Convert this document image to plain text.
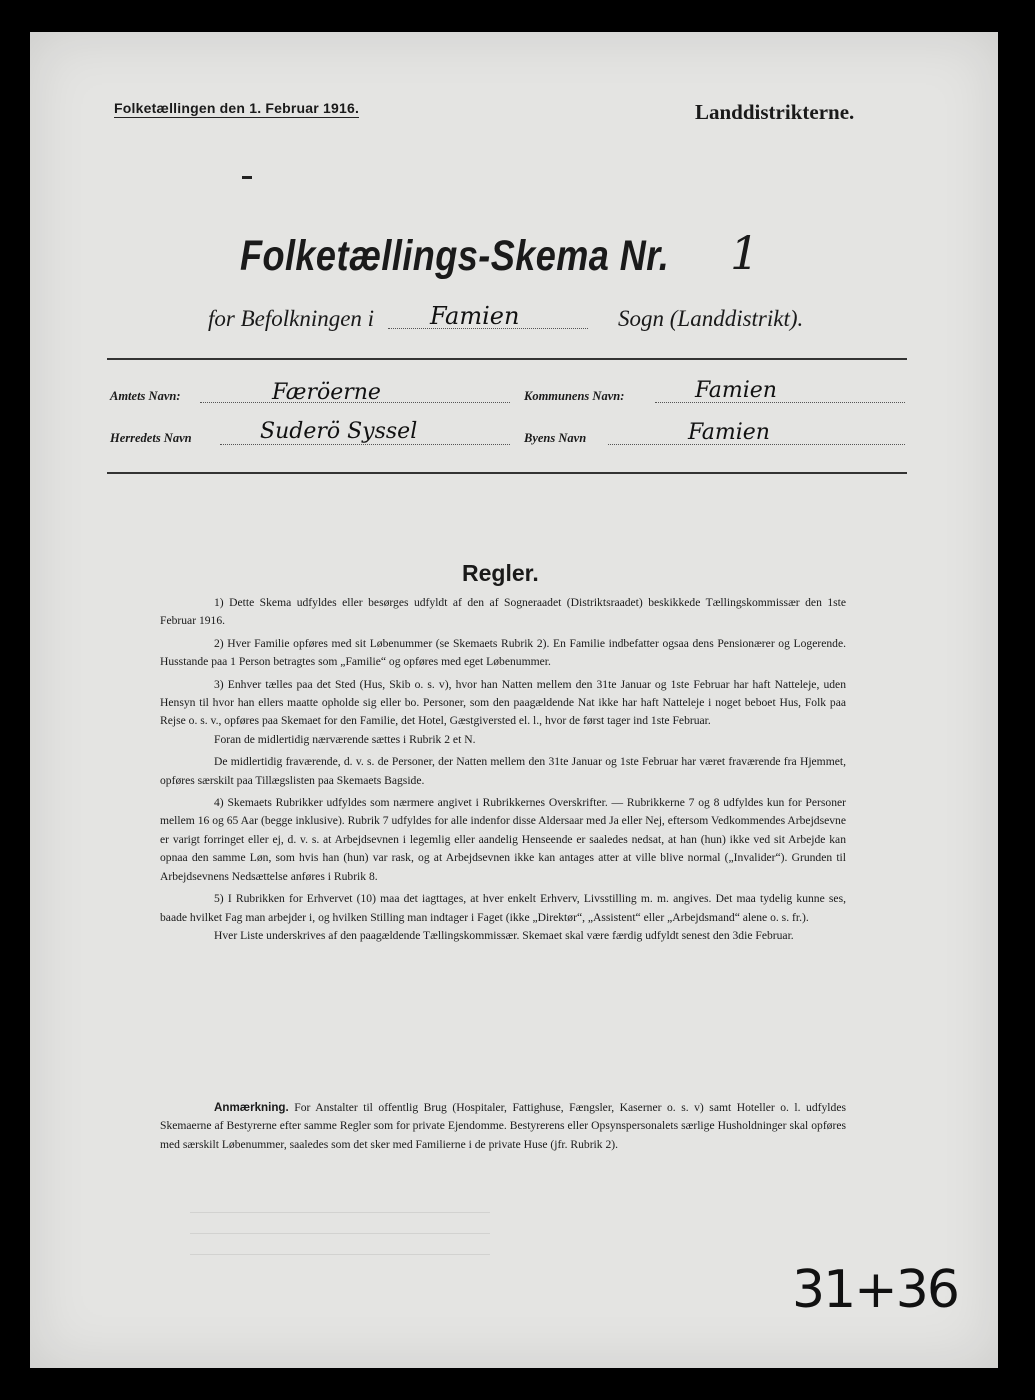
Folketællingen den 1. Februar 1916.	Landdistrikterne.
Folketællings-Skema Nr. 1
for Befolkningen i Famien	Sogn (Landdistrikt).
Amtets Navn:	Færöerne	Kommunens Navn:	Famien
Herredets Navn	Suderö Syssel	Byens Navn	Famien
Regler.

1) Dette Skema udfyldes eller besørges udfyldt af den af Sogneraadet (Distriktsraadet) beskikkede Tællingskommissær den 1ste Februar 1916.

2) Hver Familie opføres med sit Løbenummer (se Skemaets Rubrik 2). En Familie indbefatter ogsaa dens Pensionærer og Logerende. Husstande paa 1 Person betragtes som „Familie“ og opføres med eget Løbenummer.

3) Enhver tælles paa det Sted (Hus, Skib o. s. v), hvor han Natten mellem den 31te Januar og 1ste Februar har haft Natteleje, uden Hensyn til hvor han ellers maatte opholde sig eller bo. Personer, som den paagældende Nat ikke har haft Natteleje i noget beboet Hus, Folk paa Rejse o. s. v., opføres paa Skemaet for den Familie, det Hotel, Gæstgiversted el. l., hvor de først tager ind 1ste Februar.

Foran de midlertidig nærværende sættes i Rubrik 2 et N.

De midlertidig fraværende, d. v. s. de Personer, der Natten mellem den 31te Januar og 1ste Februar har været fraværende fra Hjemmet, opføres særskilt paa Tillægslisten paa Skemaets Bagside.

4) Skemaets Rubrikker udfyldes som nærmere angivet i Rubrikkernes Overskrifter. — Rubrikkerne 7 og 8 udfyldes kun for Personer mellem 16 og 65 Aar (begge inklusive). Rubrik 7 udfyldes for alle indenfor disse Aldersaar med Ja eller Nej, eftersom Vedkommendes Arbejdsevne er varigt forringet eller ej, d. v. s. at Arbejdsevnen i legemlig eller aandelig Henseende er saaledes nedsat, at han (hun) ikke ved sit Arbejde kan opnaa den samme Løn, som hvis han (hun) var rask, og at Arbejdsevnen ikke kan antages atter at ville blive normal („Invalider“). Grunden til Arbejdsevnens Nedsættelse anføres i Rubrik 8.

5) I Rubrikken for Erhvervet (10) maa det iagttages, at hver enkelt Erhverv, Livsstilling m. m. angives. Det maa tydelig kunne ses, baade hvilket Fag man arbejder i, og hvilken Stilling man indtager i Faget (ikke „Direktør“, „Assistent“ eller „Arbejdsmand“ alene o. s. fr.).

Hver Liste underskrives af den paagældende Tællingskommissær. Skemaet skal være færdig udfyldt senest den 3die Februar.

Anmærkning. For Anstalter til offentlig Brug (Hospitaler, Fattighuse, Fængsler, Kaserner o. s. v) samt Hoteller o. l. udfyldes Skemaerne af Bestyrerne efter samme Regler som for private Ejendomme. Bestyrerens eller Opsynspersonalets særlige Husholdninger skal opføres med særskilt Løbenummer, saaledes som det sker med Familierne i de private Huse (jfr. Rubrik 2).

31+36
